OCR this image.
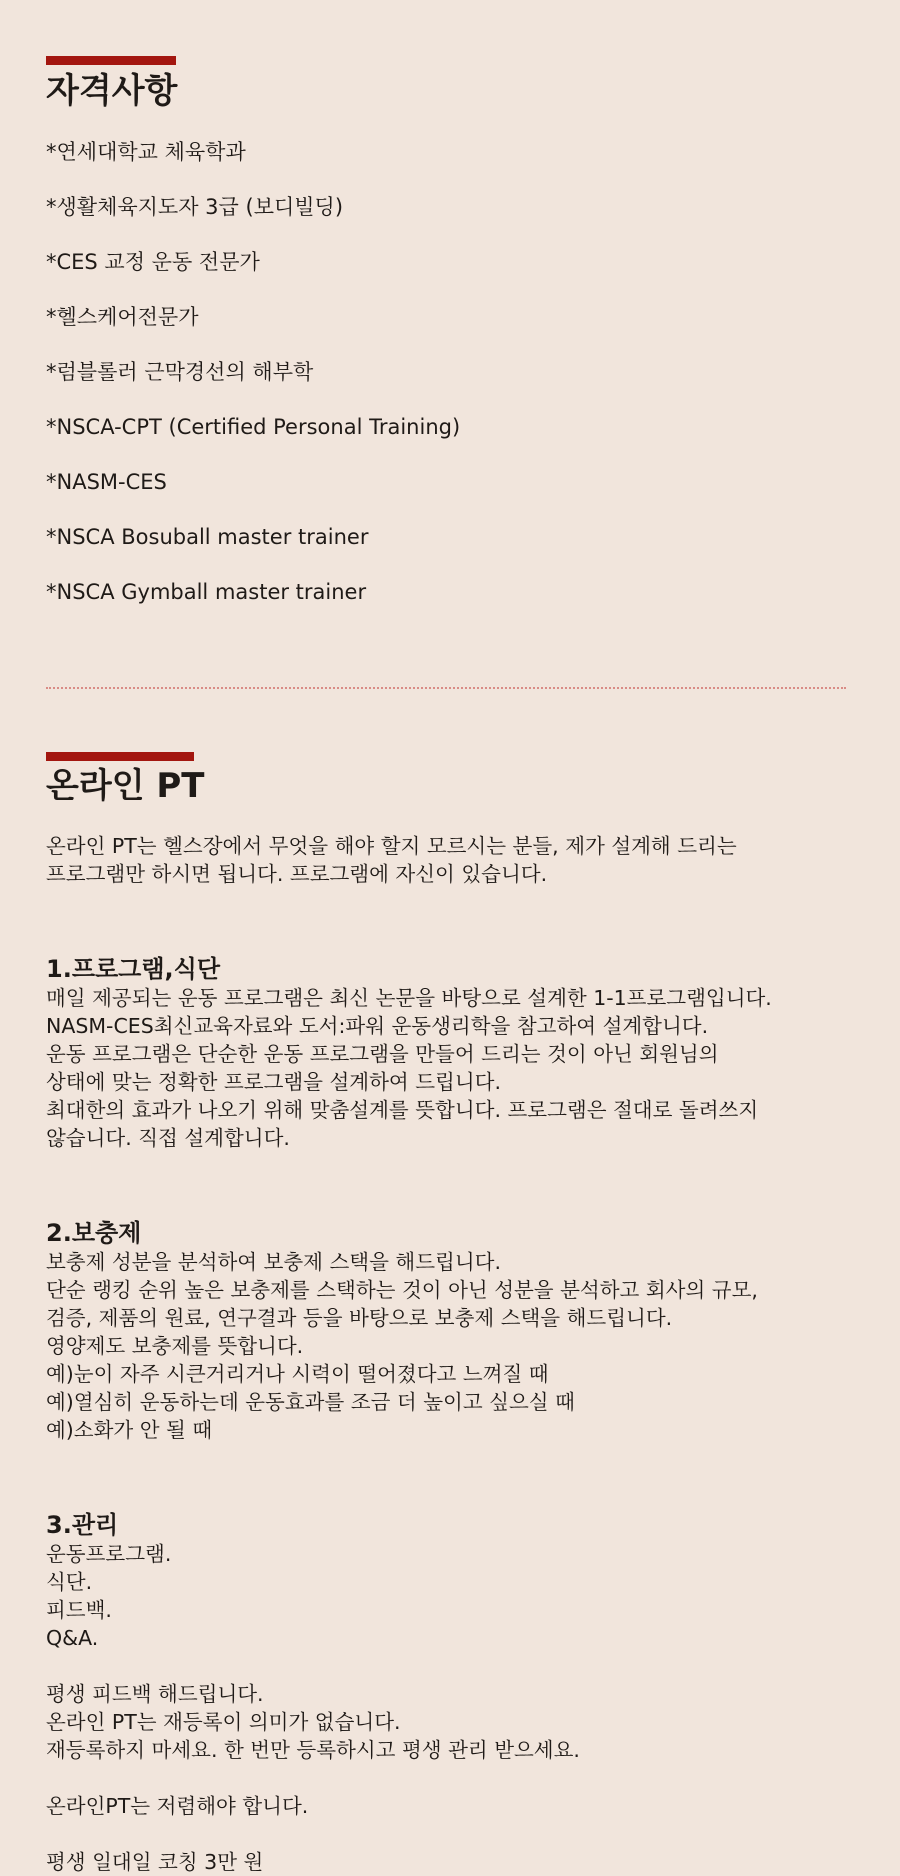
자격사항
*연세대학교 체육학과
*생활체육지도자 3급 (보디빌딩)
*CES 교정 운동 전문가
*헬스케어전문가
*럼블롤러 근막경선의 해부학
*NSCA-CPT (Certified Personal Training)
*NASM-CES
*NSCA Bosuball master trainer
*NSCA Gymball master trainer
온라인 PT

온라인 PT는 헬스장에서 무엇을 해야 할지 모르시는 분들, 제가 설계해 드리는

프로그램만 하시면 됩니다. 프로그램에 자신이 있습니다.

1.프로그램,식단

매일 제공되는 운동 프로그램은 최신 논문을 바탕으로 설계한 1-1프로그램입니다.

NASM-CES최신교육자료와 도서:파워 운동생리학을 참고하여 설계합니다.

운동 프로그램은 단순한 운동 프로그램을 만들어 드리는 것이 아닌 회원님의

상태에 맞는 정확한 프로그램을 설계하여 드립니다.

최대한의 효과가 나오기 위해 맞춤설계를 뜻합니다. 프로그램은 절대로 돌려쓰지

않습니다. 직접 설계합니다.

2.보충제

보충제 성분을 분석하여 보충제 스택을 해드립니다.

단순 랭킹 순위 높은 보충제를 스택하는 것이 아닌 성분을 분석하고 회사의 규모,

검증, 제품의 원료, 연구결과 등을 바탕으로 보충제 스택을 해드립니다.

영양제도 보충제를 뜻합니다.

예)눈이 자주 시큰거리거나 시력이 떨어졌다고 느껴질 때

예)열심히 운동하는데 운동효과를 조금 더 높이고 싶으실 때

예)소화가 안 될 때

3.관리

운동프로그램.

식단.

피드백.

Q&A.

평생 피드백 해드립니다.

온라인 PT는 재등록이 의미가 없습니다.

재등록하지 마세요. 한 번만 등록하시고 평생 관리 받으세요.

온라인PT는 저렴해야 합니다.

평생 일대일 코칭 3만 원
